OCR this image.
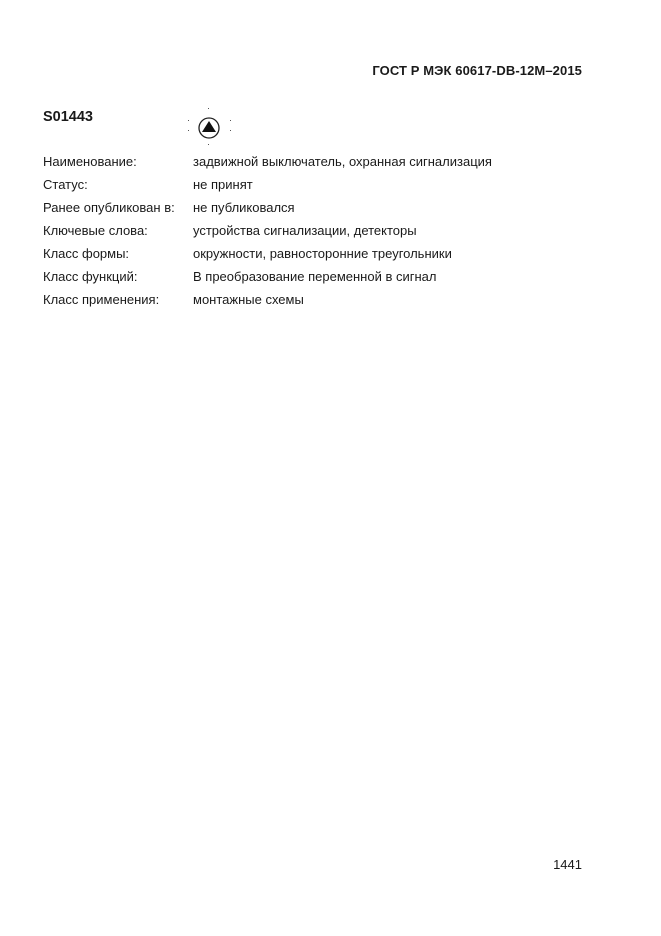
ГОСТ Р МЭК 60617-DB-12M–2015
S01443
Наименование:	задвижной выключатель, охранная сигнализация
Статус:	не принят
Ранее опубликован в:	не публиковался
Ключевые слова:	устройства сигнализации, детекторы
Класс формы:	окружности, равносторонние треугольники
Класс функций:	В преобразование переменной в сигнал
Класс применения:	монтажные схемы
1441
